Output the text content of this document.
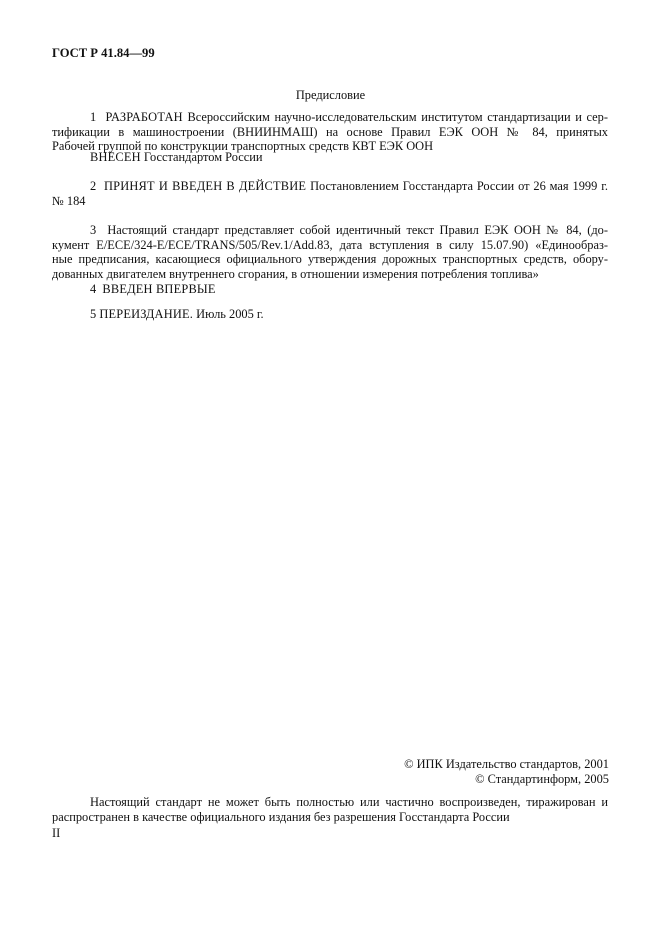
ГОСТ Р 41.84—99
Предисловие
1 РАЗРАБОТАН Всероссийским научно-исследовательским институтом стандартизации и сер-
тификации в машиностроении (ВНИИНМАШ) на основе Правил ЕЭК ООН № 84, принятых
Рабочей группой по конструкции транспортных средств КВТ ЕЭК ООН
ВНЕСЕН Госстандартом России
2 ПРИНЯТ И ВВЕДЕН В ДЕЙСТВИЕ Постановлением Госстандарта России от 26 мая 1999 г.
№ 184
3 Настоящий стандарт представляет собой идентичный текст Правил ЕЭК ООН № 84, (до-
кумент E/ECE/324-E/ECE/TRANS/505/Rev.1/Add.83, дата вступления в силу 15.07.90) «Единообраз-
ные предписания, касающиеся официального утверждения дорожных транспортных средств, обору-
дованных двигателем внутреннего сгорания, в отношении измерения потребления топлива»
4 ВВЕДЕН ВПЕРВЫЕ
5 ПЕРЕИЗДАНИЕ. Июль 2005 г.
© ИПК Издательство стандартов, 2001
© Стандартинформ, 2005
Настоящий стандарт не может быть полностью или частично воспроизведен, тиражирован и
распространен в качестве официального издания без разрешения Госстандарта России
II
